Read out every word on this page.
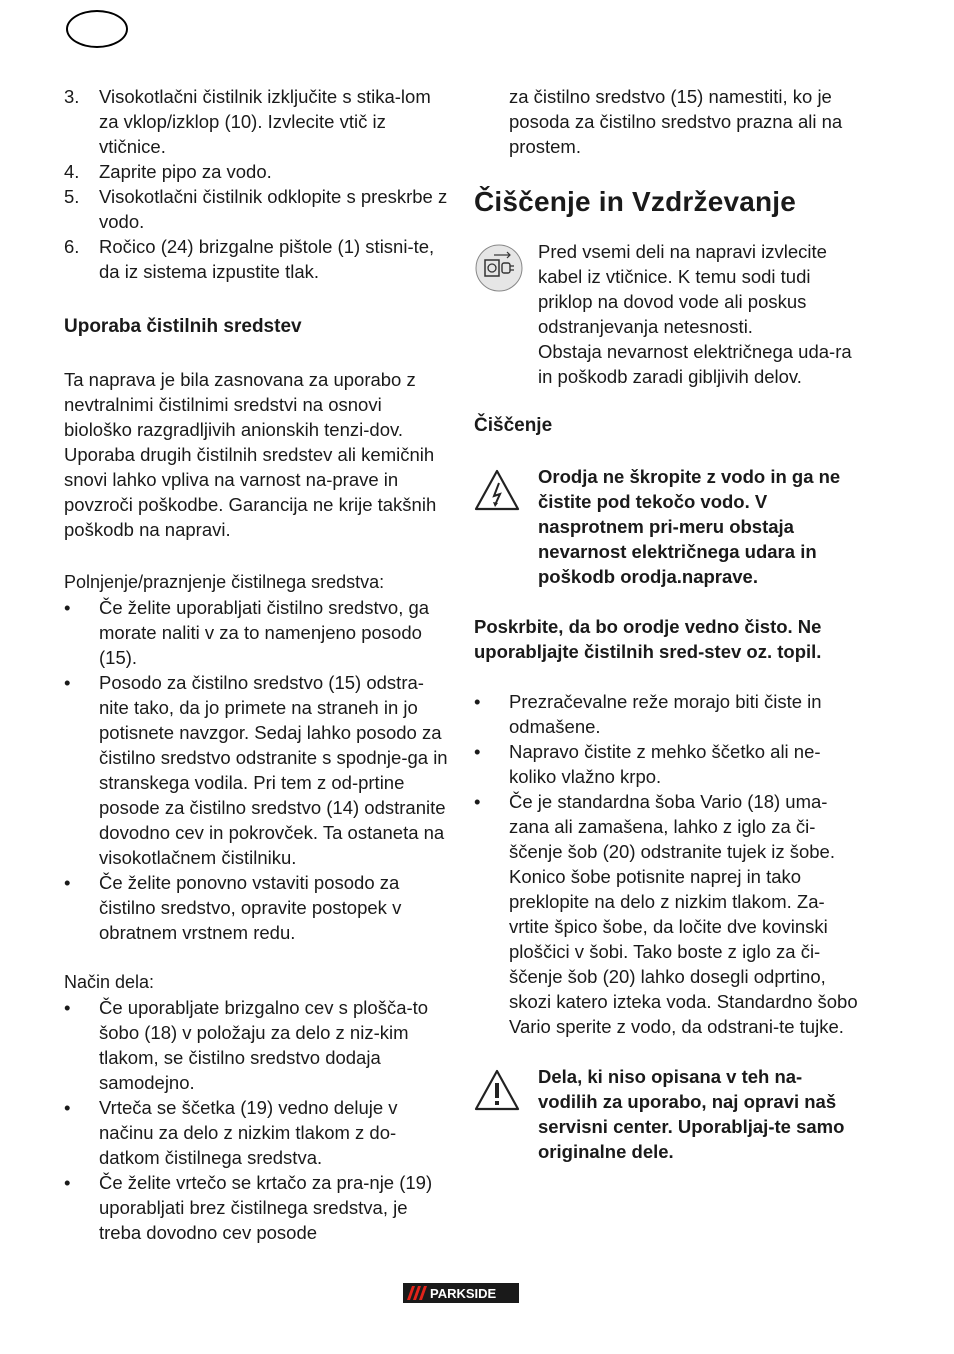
3. Visokotlačni čistilnik izključite s stika-lom za vklop/izklop (10). Izvlecite vtič iz vtičnice.
4. Zaprite pipo za vodo.
5. Visokotlačni čistilnik odklopite s preskrbe z vodo.
6. Ročico (24) brizgalne pištole (1) stisni-te, da iz sistema izpustite tlak.
Uporaba čistilnih sredstev

Ta naprava je bila zasnovana za uporabo z nevtralnimi čistilnimi sredstvi na osnovi biološko razgradljivih anionskih tenzi-dov. Uporaba drugih čistilnih sredstev ali kemičnih snovi lahko vpliva na varnost na-prave in povzroči poškodbe. Garancija ne krije takšnih poškodb na napravi.

Polnjenje/praznjenje čistilnega sredstva:

• Če želite uporabljati čistilno sredstvo, ga morate naliti v za to namenjeno posodo (15).
• Posodo za čistilno sredstvo (15) odstra-nite tako, da jo primete na straneh in jo potisnete navzgor. Sedaj lahko posodo za čistilno sredstvo odstranite s spodnje-ga in stranskega vodila. Pri tem z od-prtine posode za čistilno sredstvo (14) odstranite dovodno cev in pokrovček. Ta ostaneta na visokotlačnem čistilniku.
• Če želite ponovno vstaviti posodo za čistilno sredstvo, opravite postopek v obratnem vrstnem redu.

Način dela:

• Če uporabljate brizgalno cev s plošča-to šobo (18) v položaju za delo z niz-kim tlakom, se čistilno sredstvo dodaja samodejno.
• Vrteča se ščetka (19) vedno deluje v načinu za delo z nizkim tlakom z do-datkom čistilnega sredstva.
• Če želite vrtečo se krtačo za pra-nje (19) uporabljati brez čistilnega sredstva, je treba dovodno cev posode

za čistilno sredstvo (15) namestiti, ko je posoda za čistilno sredstvo prazna ali na prostem.

Čiščenje in Vzdrževanje

Pred vsemi deli na napravi izvlecite kabel iz vtičnice. K temu sodi tudi priklop na dovod vode ali poskus odstranjevanja netesnosti.

Obstaja nevarnost električnega uda-ra in poškodb zaradi gibljivih delov.

Čiščenje

Orodja ne škropite z vodo in ga ne čistite pod tekočo vodo. V nasprotnem pri-meru obstaja nevarnost električnega udara in poškodb orodja.naprave.

Poskrbite, da bo orodje vedno čisto. Ne uporabljajte čistilnih sred-stev oz. topil.

• Prezračevalne reže morajo biti čiste in odmašene.
• Napravo čistite z mehko ščetko ali ne-koliko vlažno krpo.
• Če je standardna šoba Vario (18) uma-zana ali zamašena, lahko z iglo za či-ščenje šob (20) odstranite tujek iz šobe. Konico šobe potisnite naprej in tako preklopite na delo z nizkim tlakom. Za-vrtite špico šobe, da ločite dve kovinski ploščici v šobi. Tako boste z iglo za či-ščenje šob (20) lahko dosegli odprtino, skozi katero izteka voda. Standardno šobo Vario sperite z vodo, da odstrani-te tujke.

Dela, ki niso opisana v teh na-vodilih za uporabo, naj opravi naš servisni center. Uporabljaj-te samo originalne dele.

PARKSIDE
